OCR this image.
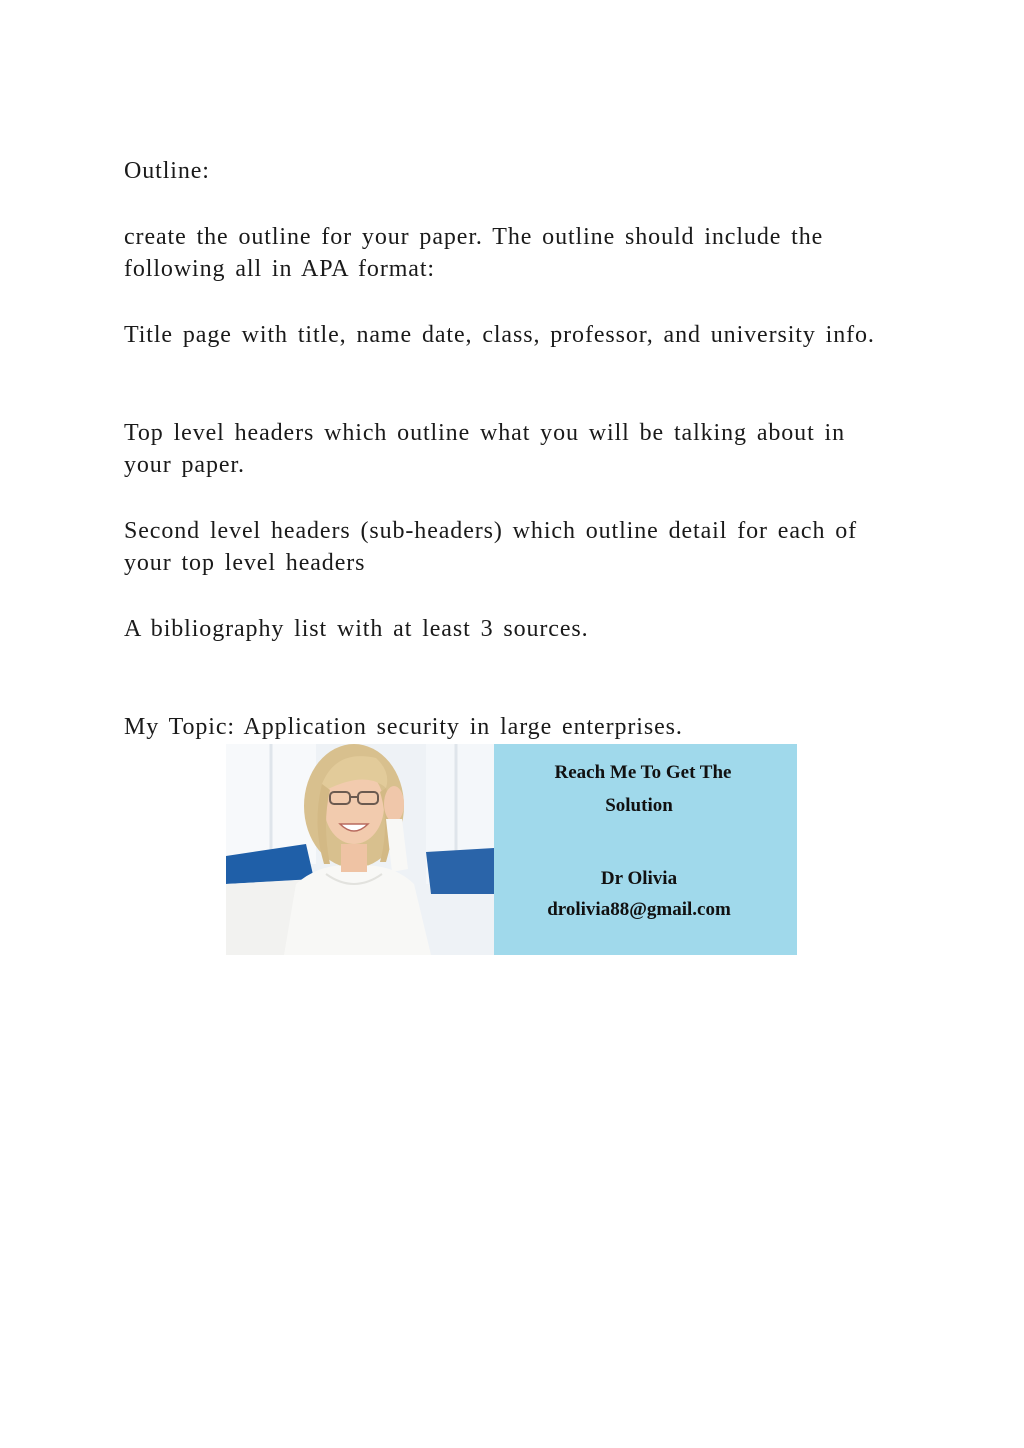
Outline:

create the outline for your paper. The outline should include the following all in APA format:

Title page with title, name date, class, professor, and university info.

Top level headers which outline what you will be talking about in your paper.

Second level headers (sub-headers) which outline detail for each of your top level headers

A bibliography list with at least 3 sources.

My Topic: Application security in large enterprises.

Reach Me To Get The
Solution
Dr Olivia
drolivia88@gmail.com
